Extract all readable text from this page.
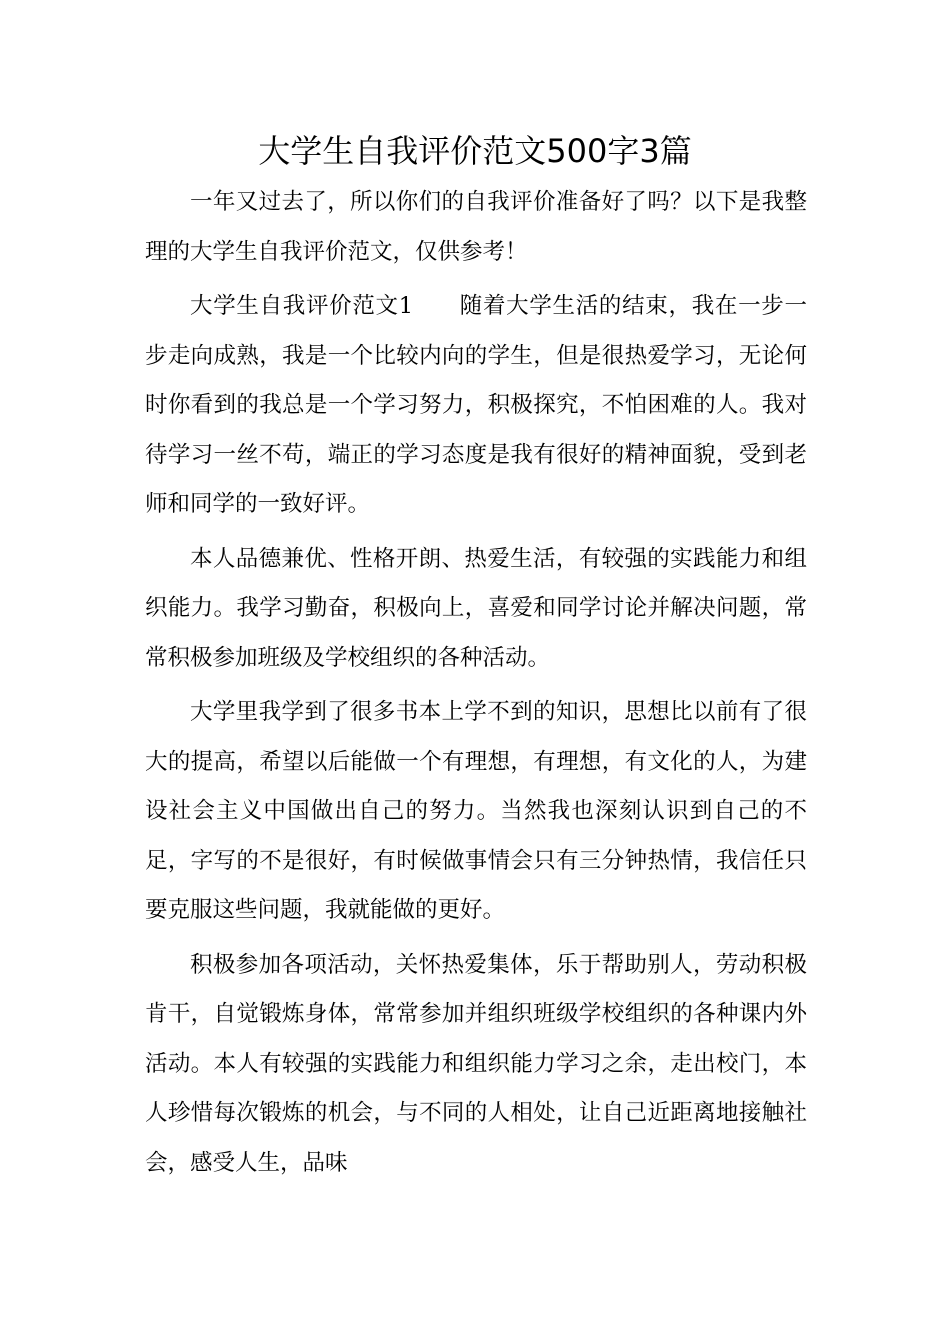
大学生自我评价范文500字3篇

一年又过去了，所以你们的自我评价准备好了吗？以下是我整理的大学生自我评价范文，仅供参考！

大学生自我评价范文1 随着大学生活的结束，我在一步一步走向成熟，我是一个比较内向的学生，但是很热爱学习，无论何时你看到的我总是一个学习努力，积极探究，不怕困难的人。我对待学习一丝不苟，端正的学习态度是我有很好的精神面貌，受到老师和同学的一致好评。

本人品德兼优、性格开朗、热爱生活，有较强的实践能力和组织能力。我学习勤奋，积极向上，喜爱和同学讨论并解决问题，常常积极参加班级及学校组织的各种活动。

大学里我学到了很多书本上学不到的知识，思想比以前有了很大的提高，希望以后能做一个有理想，有理想，有文化的人，为建设社会主义中国做出自己的努力。当然我也深刻认识到自己的不足，字写的不是很好，有时候做事情会只有三分钟热情，我信任只要克服这些问题，我就能做的更好。

积极参加各项活动，关怀热爱集体，乐于帮助别人，劳动积极肯干，自觉锻炼身体，常常参加并组织班级学校组织的各种课内外活动。本人有较强的实践能力和组织能力学习之余，走出校门，本人珍惜每次锻炼的机会，与不同的人相处，让自己近距离地接触社会，感受人生，品味
